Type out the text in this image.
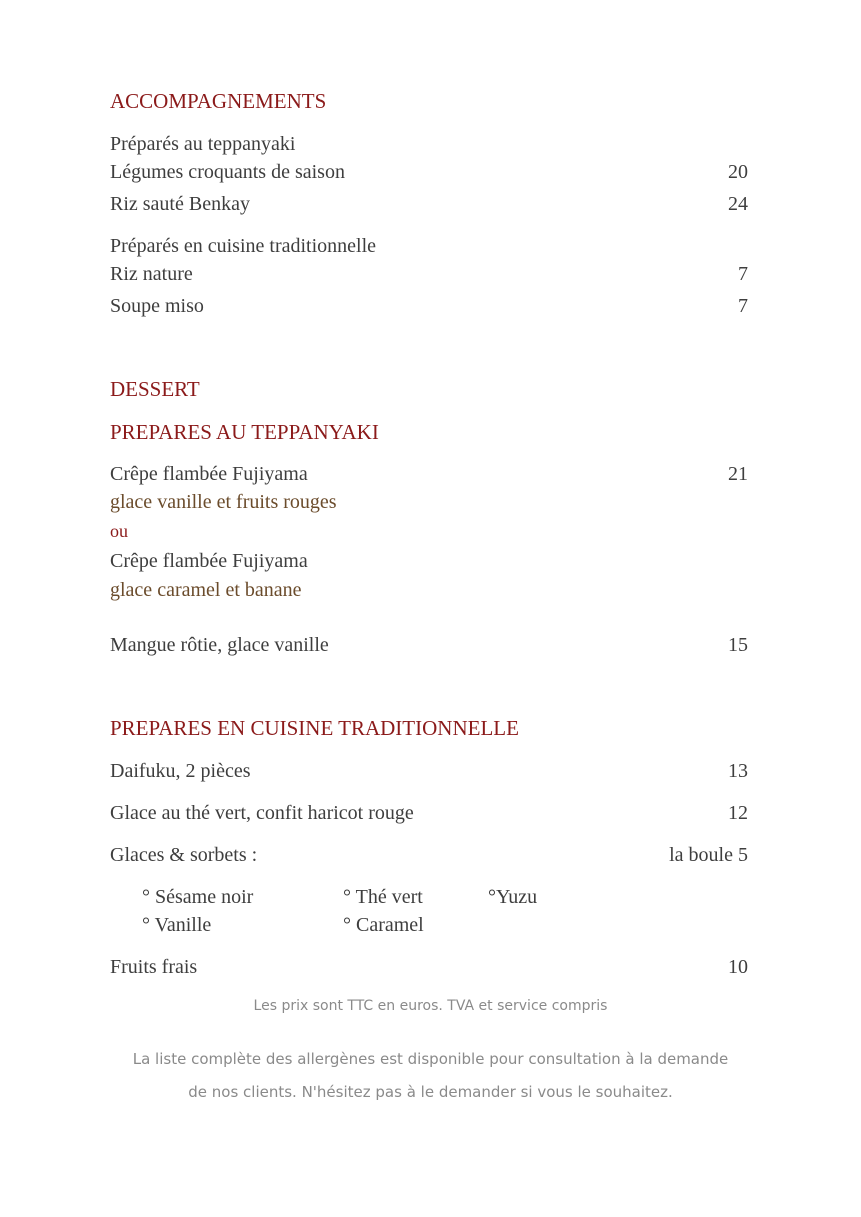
ACCOMPAGNEMENTS
Préparés au teppanyaki
Légumes croquants de saison	20
Riz sauté Benkay	24
Préparés en cuisine traditionnelle
Riz nature	7
Soupe miso	7
DESSERT
PREPARES AU TEPPANYAKI
Crêpe flambée Fujiyama	21
glace vanille et fruits rouges
ou
Crêpe flambée Fujiyama
glace caramel et banane
Mangue rôtie, glace vanille	15
PREPARES EN CUISINE TRADITIONNELLE
Daifuku, 2 pièces	13
Glace au thé vert, confit haricot rouge	12
Glaces & sorbets :	la boule 5
° Sésame noir	° Thé vert	°Yuzu
° Vanille	° Caramel
Fruits frais	10
Les prix sont TTC en euros. TVA et service compris
La liste complète des allergènes est disponible pour consultation à la demande
de nos clients. N'hésitez pas à le demander si vous le souhaitez.
